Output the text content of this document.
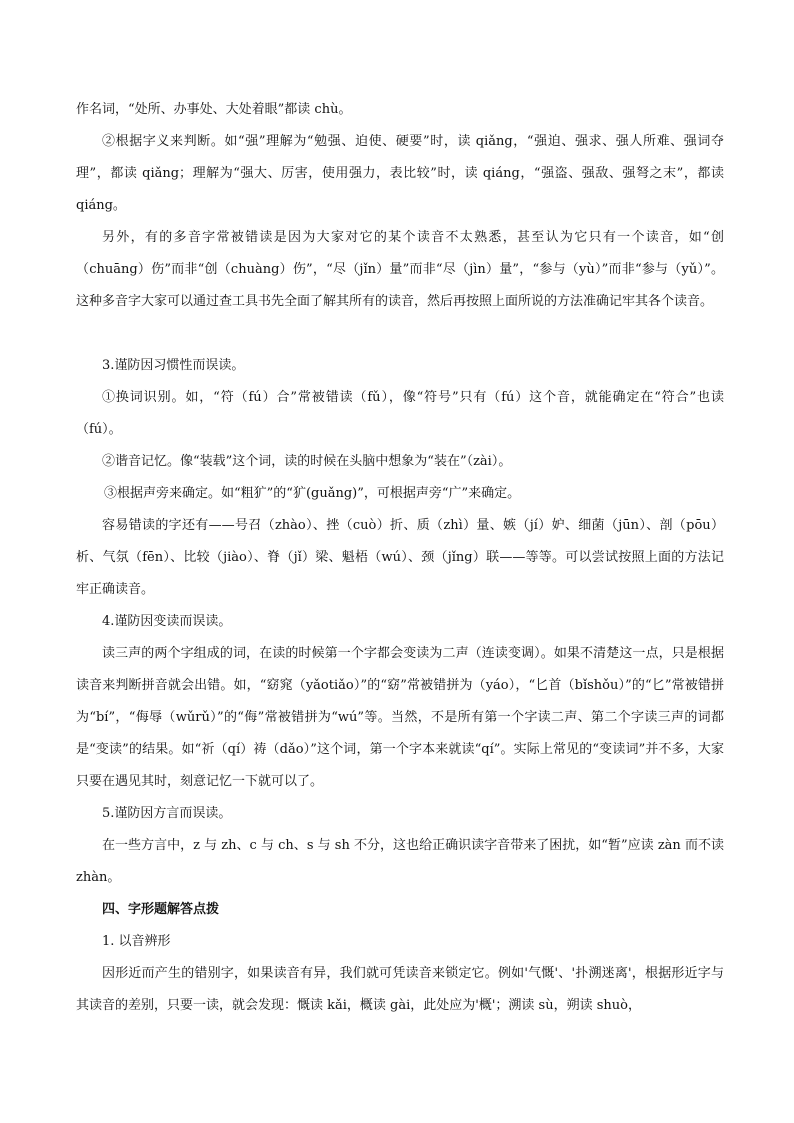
作名词，“处所、办事处、大处着眼”都读 chù。

②根据字义来判断。如“强”理解为“勉强、迫使、硬要”时，读 qiǎng，“强迫、强求、强人所难、强词夺理”，都读 qiǎng；理解为“强大、厉害，使用强力，表比较”时，读 qiáng，“强盗、强敌、强弩之末”，都读 qiáng。

另外，有的多音字常被错读是因为大家对它的某个读音不太熟悉，甚至认为它只有一个读音，如“创（chuāng）伤”而非“创（chuàng）伤”，“尽（jǐn）量”而非“尽（jìn）量”，“参与（yù）”而非“参与（yǔ）”。这种多音字大家可以通过查工具书先全面了解其所有的读音，然后再按照上面所说的方法准确记牢其各个读音。

3.谨防因习惯性而误读。

①换词识别。如，“符（fú）合”常被错读（fǔ），像“符号”只有（fú）这个音，就能确定在“符合”也读（fú）。

②谐音记忆。像“装载”这个词，读的时候在头脑中想象为“装在”（zài）。

③根据声旁来确定。如“粗犷”的“犷(guǎng)”，可根据声旁“广”来确定。

容易错读的字还有——号召（zhào）、挫（cuò）折、质（zhì）量、嫉（jí）妒、细菌（jūn）、剖（pōu）析、气氛（fēn）、比较（jiào）、脊（jǐ）梁、魁梧（wú）、颈（jǐng）联——等等。可以尝试按照上面的方法记牢正确读音。

4.谨防因变读而误读。

读三声的两个字组成的词，在读的时候第一个字都会变读为二声（连读变调）。如果不清楚这一点，只是根据读音来判断拼音就会出错。如，“窈窕（yǎotiǎo）”的“窈”常被错拼为（yáo），“匕首（bǐshǒu）”的“匕”常被错拼为“bí”，“侮辱（wǔrǔ）”的“侮”常被错拼为“wú”等。当然，不是所有第一个字读二声、第二个字读三声的词都是“变读”的结果。如“祈（qí）祷（dǎo）”这个词，第一个字本来就读“qí”。实际上常见的“变读词”并不多，大家只要在遇见其时，刻意记忆一下就可以了。

5.谨防因方言而误读。

在一些方言中，z 与 zh、c 与 ch、s 与 sh 不分，这也给正确识读字音带来了困扰，如“暂”应读 zàn 而不读 zhàn。

四、字形题解答点拨

1. 以音辨形

因形近而产生的错别字，如果读音有异，我们就可凭读音来锁定它。例如'气慨'、'扑溯迷离'，根据形近字与其读音的差别，只要一读，就会发现：慨读 kǎi，概读 gài，此处应为'概'；溯读 sù，朔读 shuò，
